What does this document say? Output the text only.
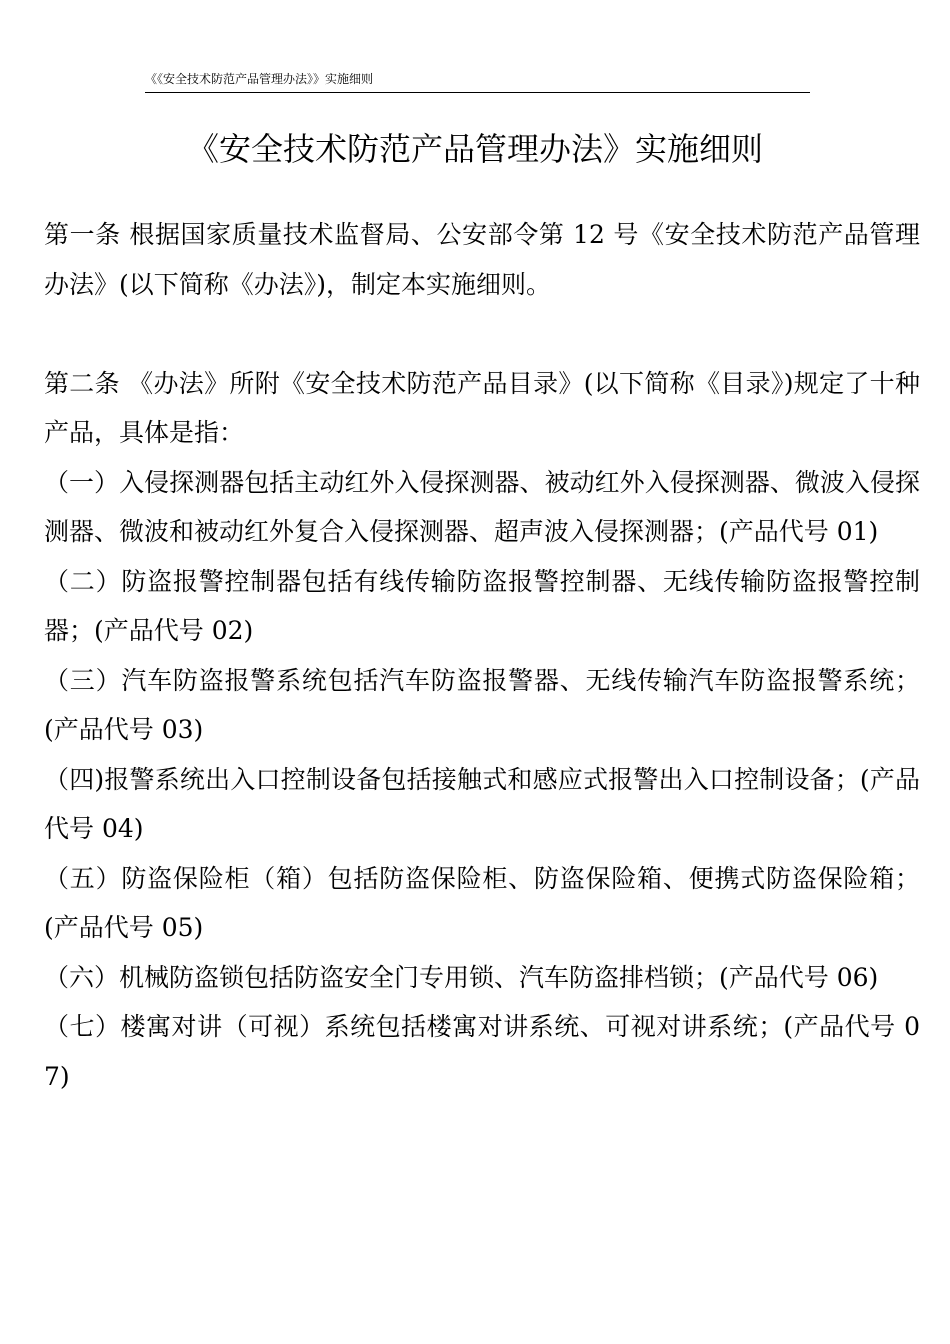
《《安全技术防范产品管理办法》》实施细则
《安全技术防范产品管理办法》实施细则

第一条 根据国家质量技术监督局、公安部令第 12 号《安全技术防范产品管理办法》(以下简称《办法》)，制定本实施细则。

第二条 《办法》所附《安全技术防范产品目录》(以下简称《目录》)规定了十种产品，具体是指：

（一）入侵探测器包括主动红外入侵探测器、被动红外入侵探测器、微波入侵探测器、微波和被动红外复合入侵探测器、超声波入侵探测器；(产品代号 01)

（二）防盗报警控制器包括有线传输防盗报警控制器、无线传输防盗报警控制器；(产品代号 02)

（三）汽车防盗报警系统包括汽车防盗报警器、无线传输汽车防盗报警系统；(产品代号 03)

（四)报警系统出入口控制设备包括接触式和感应式报警出入口控制设备；(产品代号 04)

（五）防盗保险柜（箱）包括防盗保险柜、防盗保险箱、便携式防盗保险箱；(产品代号 05)

（六）机械防盗锁包括防盗安全门专用锁、汽车防盗排档锁；(产品代号 06)

（七）楼寓对讲（可视）系统包括楼寓对讲系统、可视对讲系统；(产品代号 07)
